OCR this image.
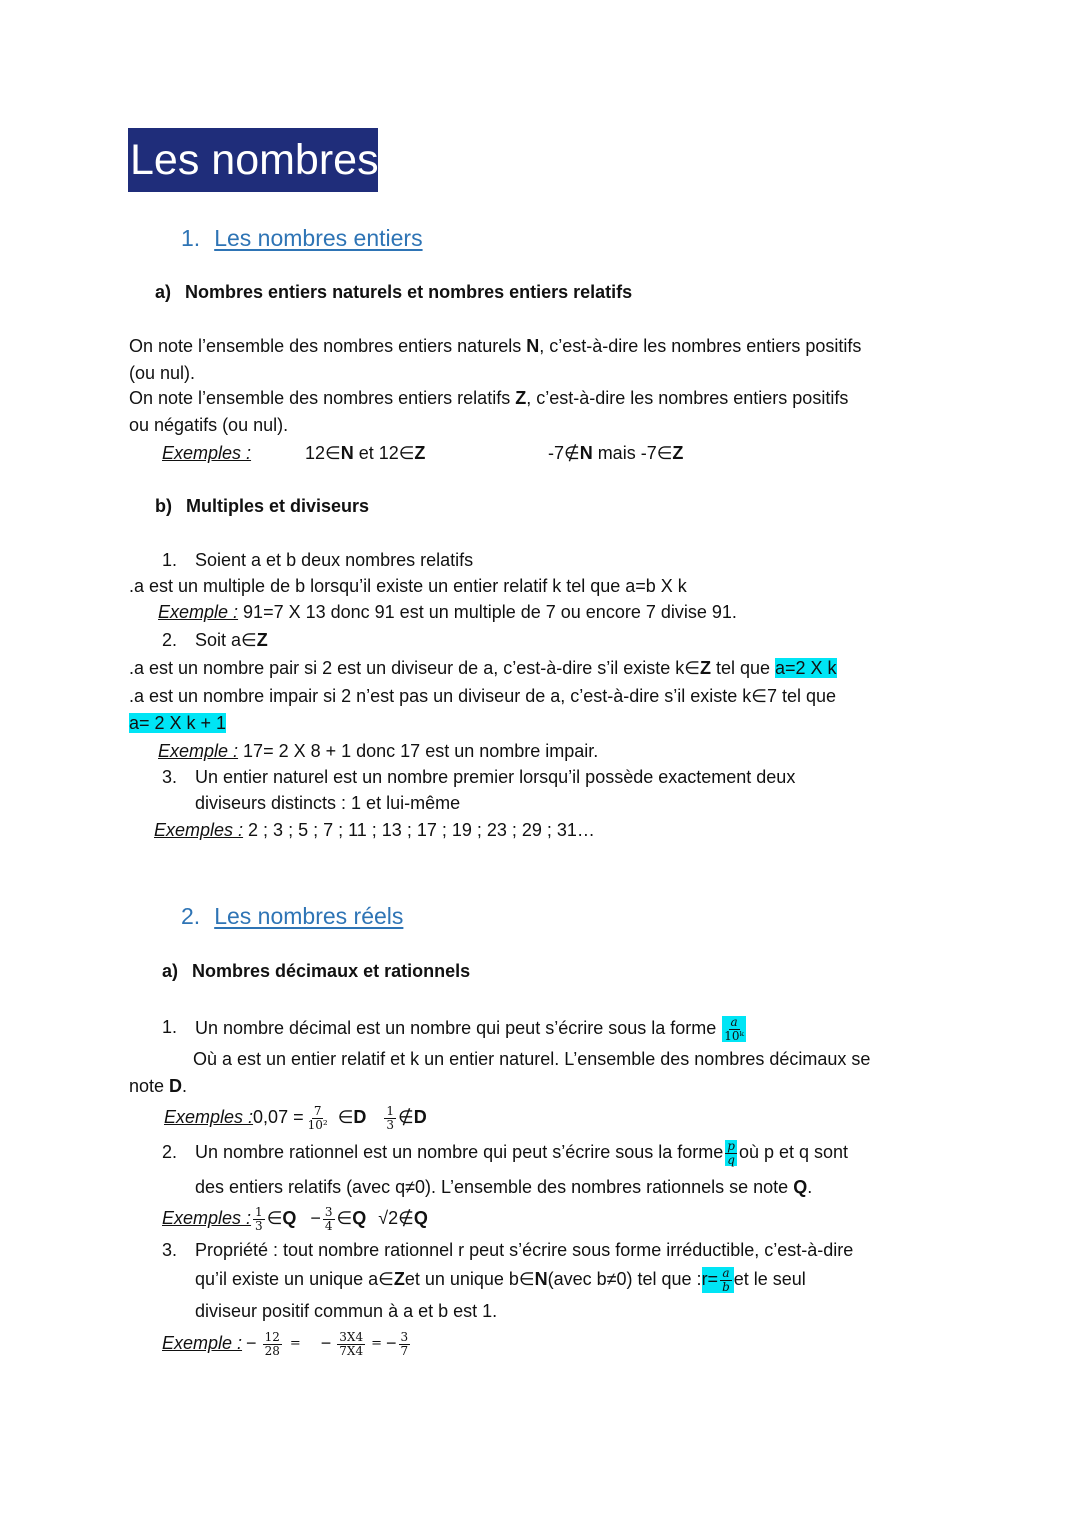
Les nombres
1. Les nombres entiers
a) Nombres entiers naturels et nombres entiers relatifs
On note l’ensemble des nombres entiers naturels N, c’est-à-dire les nombres entiers positifs
(ou nul).
On note l’ensemble des nombres entiers relatifs Z, c’est-à-dire les nombres entiers positifs
ou négatifs (ou nul).
Exemples :	12∈N et 12∈Z	-7∉N mais -7∈Z
b) Multiples et diviseurs
1. Soient a et b deux nombres relatifs
.a est un multiple de b lorsqu’il existe un entier relatif k tel que a=b X k
Exemple : 91=7 X 13 donc 91 est un multiple de 7 ou encore 7 divise 91.
2. Soit a∈Z
.a est un nombre pair si 2 est un diviseur de a, c’est-à-dire s’il existe k∈Z tel que a=2 X k
.a est un nombre impair si 2 n’est pas un diviseur de a, c’est-à-dire s’il existe k∈7 tel que
a= 2 X k + 1
Exemple : 17= 2 X 8 + 1 donc 17 est un nombre impair.
3. Un entier naturel est un nombre premier lorsqu’il possède exactement deux
diviseurs distincts : 1 et lui-même
Exemples : 2 ; 3 ; 5 ; 7 ; 11 ; 13 ; 17 ; 19 ; 23 ; 29 ; 31…
2. Les nombres réels
a) Nombres décimaux et rationnels
1. Un nombre décimal est un nombre qui peut s’écrire sous la forme $\frac{a}{\text{10ᵏ}}$
Où a est un entier relatif et k un entier naturel. L’ensemble des nombres décimaux se
note D.
Exemples : $0,07 = \frac{7}{\text{10²}}$ ∈ D $\frac{1}{3}$ ∉ D
2. Un nombre rationnel est un nombre qui peut s’écrire sous la forme $\frac{p}{q}$ où p et q sont
des entiers relatifs (avec q≠0). L’ensemble des nombres rationnels se note Q.
Exemples : $\frac{1}{3}$ ∈ $Q - \frac{3}{4}$ ∈ Q √2∉ Q
3. Propriété : tout nombre rationnel r peut s’écrire sous forme irréductible, c’est-à-dire
qu’il existe un unique a∈ Z et un unique b∈ N (avec b≠0) tel que : $r= \frac{a}{b}$ et le seul
diviseur positif commun à a et b est 1.
Exemple : − $\frac{12}{28}$ = − $\frac{3X4}{7X4}$ = − $\frac{3}{7}$
